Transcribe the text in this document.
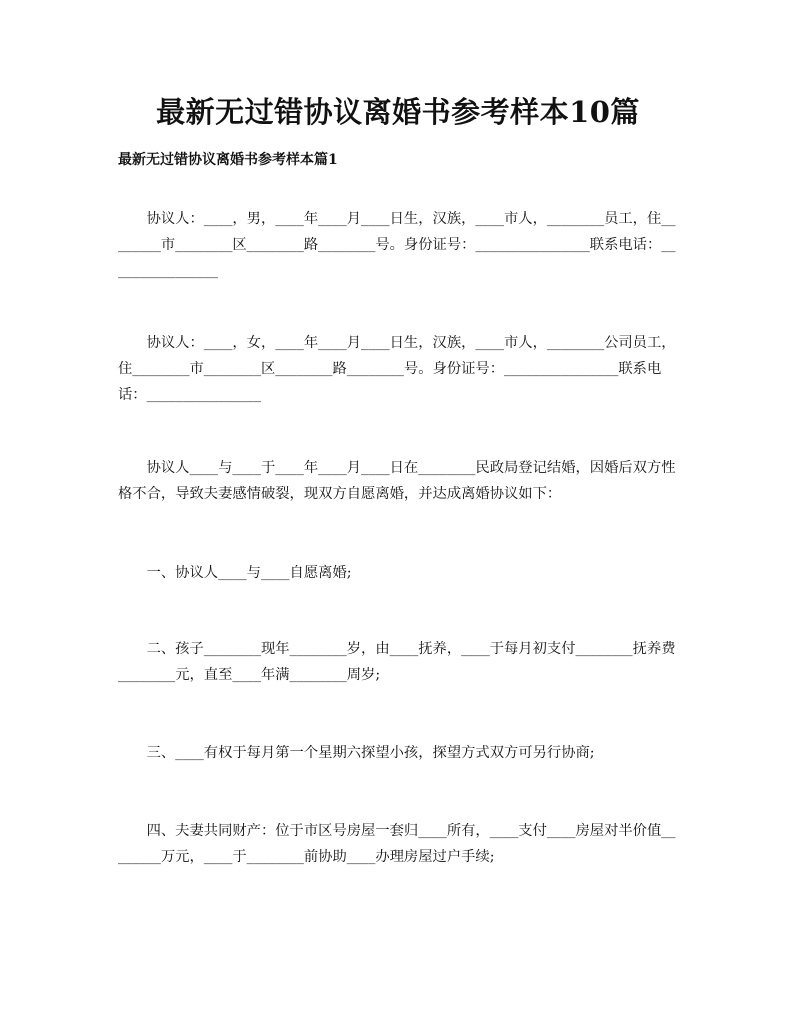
最新无过错协议离婚书参考样本10篇
最新无过错协议离婚书参考样本篇1
协议人：____，男，____年____月____日生，汉族，____市人，________员工，住________市________区________路________号。身份证号：________________联系电话：________________
协议人：____，女，____年____月____日生，汉族，____市人，________公司员工，住________市________区________路________号。身份证号：________________联系电话：________________
协议人____与____于____年____月____日在________民政局登记结婚，因婚后双方性格不合，导致夫妻感情破裂，现双方自愿离婚，并达成离婚协议如下：
一、协议人____与____自愿离婚;
二、孩子________现年________岁，由____抚养，____于每月初支付________抚养费________元，直至____年满________周岁;
三、____有权于每月第一个星期六探望小孩，探望方式双方可另行协商;
四、夫妻共同财产：位于市区号房屋一套归____所有，____支付____房屋对半价值________万元，____于________前协助____办理房屋过户手续;
